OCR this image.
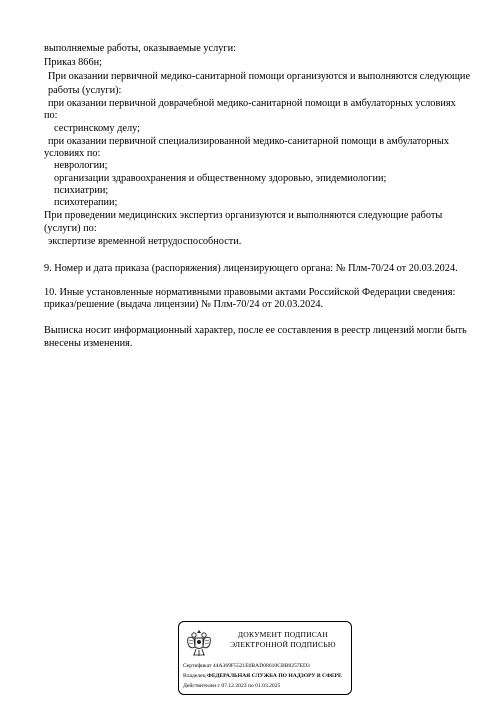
выполняемые работы, оказываемые услуги:
Приказ 866н;
При оказании первичной медико-санитарной помощи организуются и выполняются следующие
работы (услуги):
при оказании первичной доврачебной медико-санитарной помощи в амбулаторных условиях
по:
сестринскому делу;
при оказании первичной специализированной медико-санитарной помощи в амбулаторных
условиях по:
неврологии;
организации здравоохранения и общественному здоровью, эпидемиологии;
психиатрии;
психотерапии;
При проведении медицинских экспертиз организуются и выполняются следующие работы
(услуги) по:
экспертизе временной нетрудоспособности.
9. Номер и дата приказа (распоряжения) лицензирующего органа: № Плм-70/24 от 20.03.2024.
10. Иные установленные нормативными правовыми актами Российской Федерации сведения:
приказ/решение (выдача лицензии) № Плм-70/24 от 20.03.2024.
Выписка носит информационный характер, после ее составления в реестр лицензий могли быть
внесены изменения.
ДОКУМЕНТ ПОДПИСАН
ЭЛЕКТРОННОЙ ПОДПИСЬЮ
Сертификат 44A369F5521E0BAD08610CBB8257ED3
Владелец ФЕДЕРАЛЬНАЯ СЛУЖБА ПО НАДЗОРУ В СФЕРЕ
Действителен с 07.12.2023 по 01.03.2025
